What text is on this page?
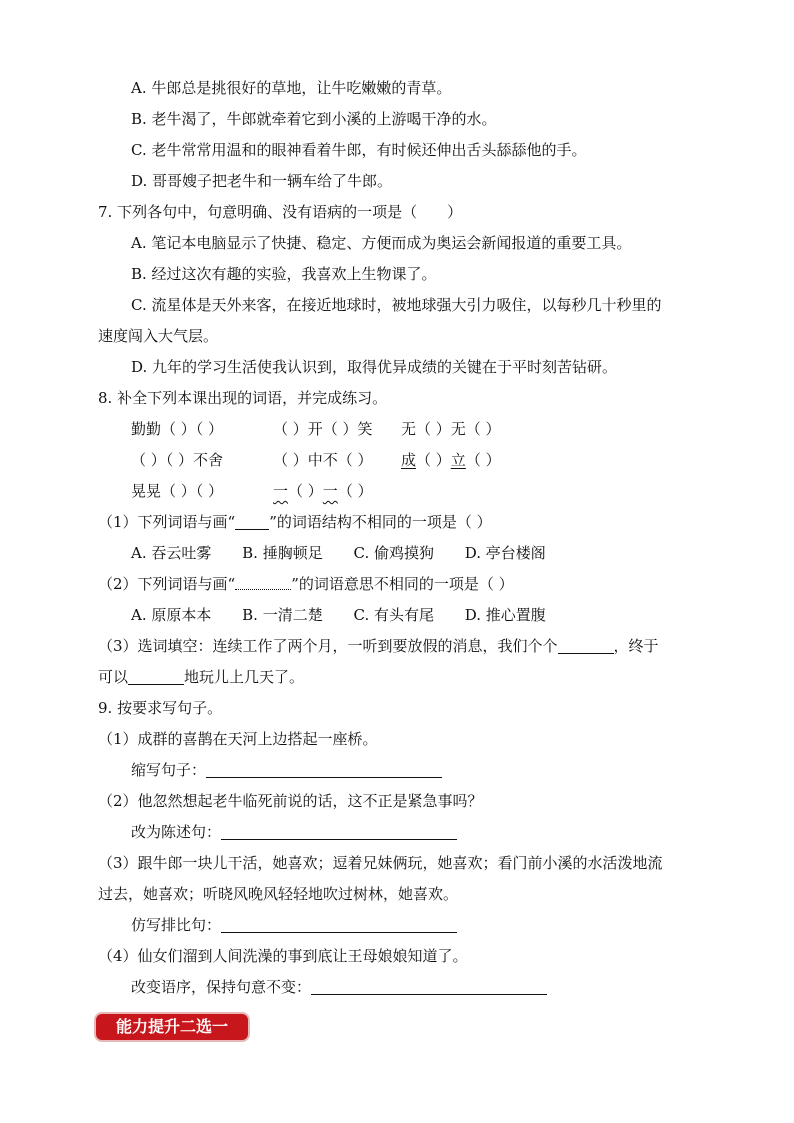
A. 牛郎总是挑很好的草地，让牛吃嫩嫩的青草。
B. 老牛渴了，牛郎就牵着它到小溪的上游喝干净的水。
C. 老牛常常用温和的眼神看着牛郎，有时候还伸出舌头舔舔他的手。
D. 哥哥嫂子把老牛和一辆车给了牛郎。
7. 下列各句中，句意明确、没有语病的一项是（　　）
A. 笔记本电脑显示了快捷、稳定、方便而成为奥运会新闻报道的重要工具。
B. 经过这次有趣的实验，我喜欢上生物课了。
C. 流星体是天外来客，在接近地球时，被地球强大引力吸住，以每秒几十秒里的
速度闯入大气层。
D. 九年的学习生活使我认识到，取得优异成绩的关键在于平时刻苦钻研。
8. 补全下列本课出现的词语，并完成练习。
勤勤（ ）（ ）	（ ）开（ ）笑 无（ ）无（ ）
（ ）（ ）不舍	（ ）中不（ ） 成（ ）立（ ）
晃晃（ ）（ ）	一（ ）一（ ）
（1）下列词语与画“ ”的词语结构不相同的一项是（ ）
A. 吞云吐雾 B. 捶胸顿足 C. 偷鸡摸狗 D. 亭台楼阁
（2）下列词语与画“	”的词语意思不相同的一项是（ ）
A. 原原本本 B. 一清二楚 C. 有头有尾 D. 推心置腹
（3）选词填空：连续工作了两个月，一听到要放假的消息，我们个个	，终于
可以	地玩儿上几天了。
9. 按要求写句子。
（1）成群的喜鹊在天河上边搭起一座桥。
缩写句子：
（2）他忽然想起老牛临死前说的话，这不正是紧急事吗？
改为陈述句：
（3）跟牛郎一块儿干活，她喜欢；逗着兄妹俩玩，她喜欢；看门前小溪的水活泼地流
过去，她喜欢；听晓风晚风轻轻地吹过树林，她喜欢。
仿写排比句：
（4）仙女们溜到人间洗澡的事到底让王母娘娘知道了。
改变语序，保持句意不变：
能力提升二选一
